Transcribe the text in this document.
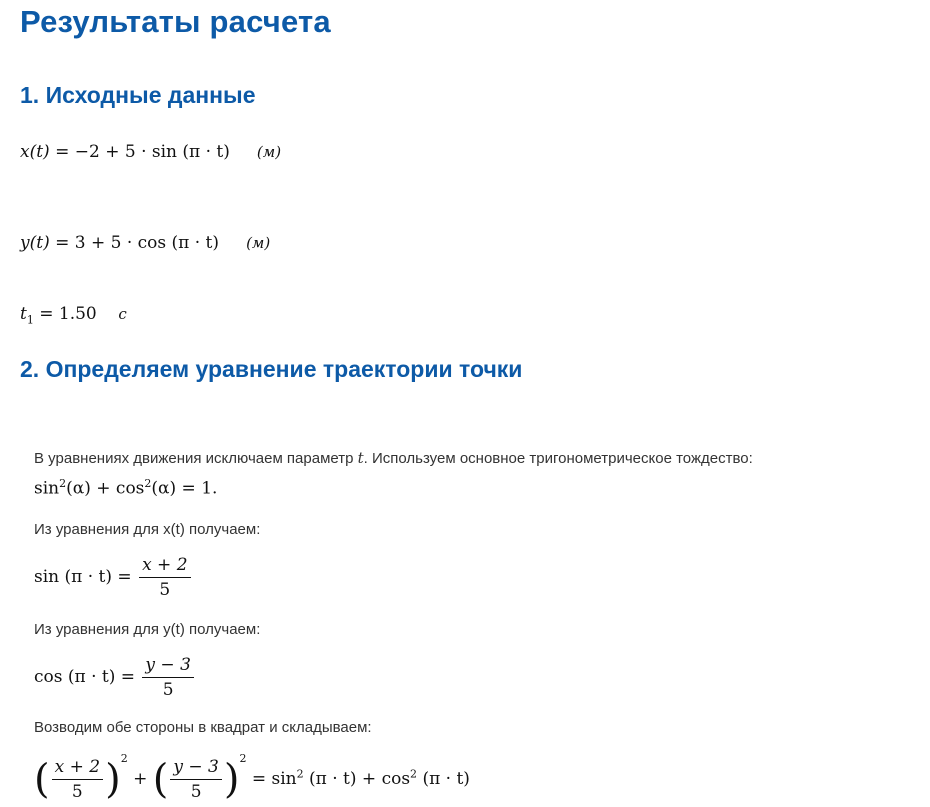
Результаты расчета
1. Исходные данные
x(t) = −2 + 5 · sin (π · t) (м)
y(t) = 3 + 5 · cos (π · t) (м)
$t_1 = 1.50$ с
2. Определяем уравнение траектории точки
В уравнениях движения исключаем параметр t. Используем основное тригонометрическое тождество:
$\sin^2(\alpha) + \cos^2(\alpha) = 1$.
Из уравнения для x(t) получаем:
$\sin (\pi \cdot t) = \frac{x + 2}{5}$
Из уравнения для y(t) получаем:
$\cos (\pi \cdot t) = \frac{y - 3}{5}$
Возводим обе стороны в квадрат и складываем:
( $\frac{x + 2}{5} )^2$ + ( $\frac{y - 3}{5} )^2 = \sin^2 (\pi \cdot t) + \cos^2 (\pi \cdot t)$
